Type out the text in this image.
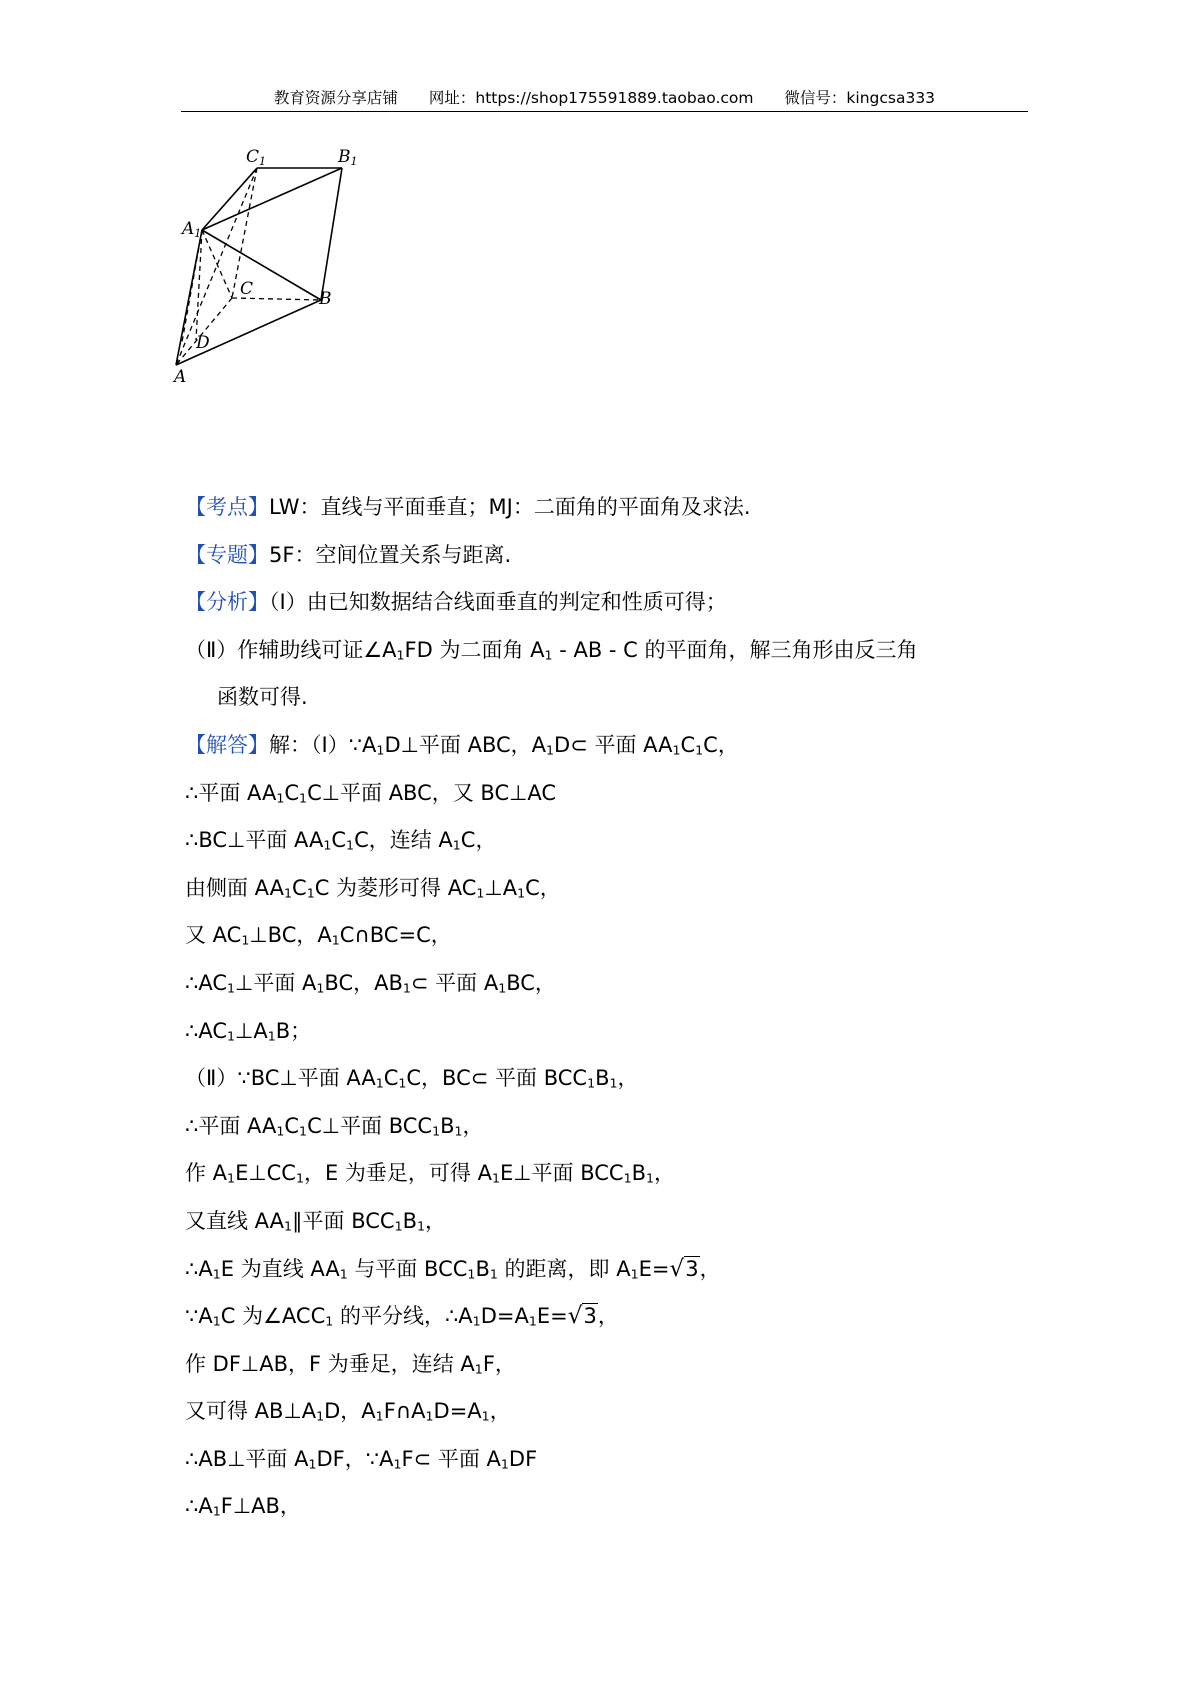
教育资源分享店铺 网址：https://shop175591889.taobao.com 微信号：kingcsa333
C1	B1
A1
C	B
D
A
【考点】LW：直线与平面垂直；MJ：二面角的平面角及求法.
【专题】5F：空间位置关系与距离.
【分析】（Ⅰ）由已知数据结合线面垂直的判定和性质可得；
（Ⅱ）作辅助线可证$\angle A_1FD$ 为二面角 $A_1$ - AB - C 的平面角，解三角形由反三角
函数可得.
【解答】解：$(Ⅰ)\because A_1D\perp$平面 ABC，$A_1D\subset$ 平面 $AA_1C_1C$，
∴平面 $AA_1C_1C\perp$平面 ABC，又 BC⊥AC
∴BC⊥平面 $AA_1C_1C$，连结 $A_1C$，
由侧面 $AA_1C_1C$ 为菱形可得 $AC_1\perp A_1C$，
又 $AC_1\perp BC$，$A_1C\cap BC=C$，
$\therefore AC_1\perp$平面 $A_1BC$，$AB_1\subset$ 平面 $A_1BC$，
$\therefore AC_1\perp A_1B$；
（Ⅱ）∵BC⊥平面 $AA_1C_1C$，BC⊂ 平面 $BCC_1B_1$，
∴平面 $AA_1C_1C\perp$平面 $BCC_1B_1$，
作 $A_1E\perp CC_1$，E 为垂足，可得 $A_1E\perp$平面 $BCC_1B_1$，
又直线 $AA_1\parallel$平面 $BCC_1B_1$，
$\therefore A_1E$ 为直线 $AA_1$ 与平面 $BCC_1B_1$ 的距离，即 $A_1E=√3$，
$\because A_1C$ 为$\angle ACC_1$ 的平分线，$\therefore A_1D=A_1E=√3$，
作 DF⊥AB，F 为垂足，连结 $A_1F$，
又可得 $AB\perp A_1D$，$A_1F\cap A_1D=A_1$，
∴AB⊥平面 $A_1DF$，$\because A_1F\subset$ 平面 $A_1DF$
$\therefore A_1F\perp AB$，
